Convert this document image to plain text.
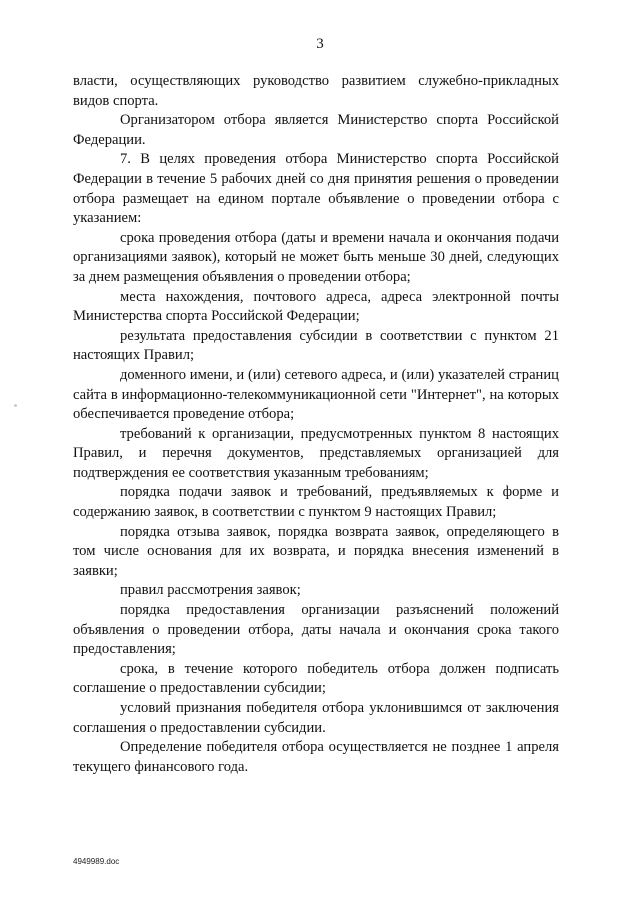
3

власти, осуществляющих руководство развитием служебно-прикладных видов спорта.

Организатором отбора является Министерство спорта Российской Федерации.

7. В целях проведения отбора Министерство спорта Российской Федерации в течение 5 рабочих дней со дня принятия решения о проведении отбора размещает на едином портале объявление о проведении отбора с указанием:

срока проведения отбора (даты и времени начала и окончания подачи организациями заявок), который не может быть меньше 30 дней, следующих за днем размещения объявления о проведении отбора;

места нахождения, почтового адреса, адреса электронной почты Министерства спорта Российской Федерации;

результата предоставления субсидии в соответствии с пунктом 21 настоящих Правил;

доменного имени, и (или) сетевого адреса, и (или) указателей страниц сайта в информационно-телекоммуникационной сети "Интернет", на которых обеспечивается проведение отбора;

требований к организации, предусмотренных пунктом 8 настоящих Правил, и перечня документов, представляемых организацией для подтверждения ее соответствия указанным требованиям;

порядка подачи заявок и требований, предъявляемых к форме и содержанию заявок, в соответствии с пунктом 9 настоящих Правил;

порядка отзыва заявок, порядка возврата заявок, определяющего в том числе основания для их возврата, и порядка внесения изменений в заявки;

правил рассмотрения заявок;

порядка предоставления организации разъяснений положений объявления о проведении отбора, даты начала и окончания срока такого предоставления;

срока, в течение которого победитель отбора должен подписать соглашение о предоставлении субсидии;

условий признания победителя отбора уклонившимся от заключения соглашения о предоставлении субсидии.

Определение победителя отбора осуществляется не позднее 1 апреля текущего финансового года.

4949989.doc
